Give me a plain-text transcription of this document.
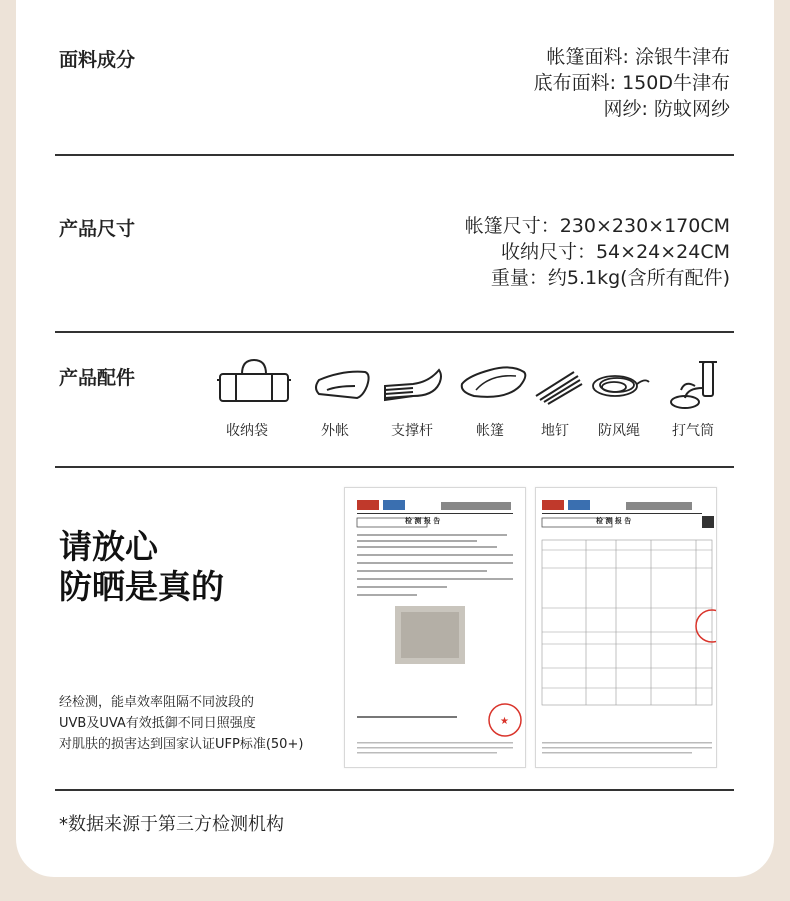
面料成分	帐篷面料: 涂银牛津布
底布面料: 150D牛津布
网纱: 防蚊网纱
产品尺寸	帐篷尺寸：230×230×170CM
收纳尺寸：54×24×24CM
重量：约5.1kg(含所有配件)
产品配件
收纳袋	外帐	支撑杆	帐篷	地钉	防风绳	打气筒
请放心
防晒是真的
经检测，能卓效率阻隔不同波段的
UVB及UVA有效抵御不同日照强度
对肌肤的损害达到国家认证UFP标准(50+)
★
检 测 报 告	检 测 报 告
*数据来源于第三方检测机构
